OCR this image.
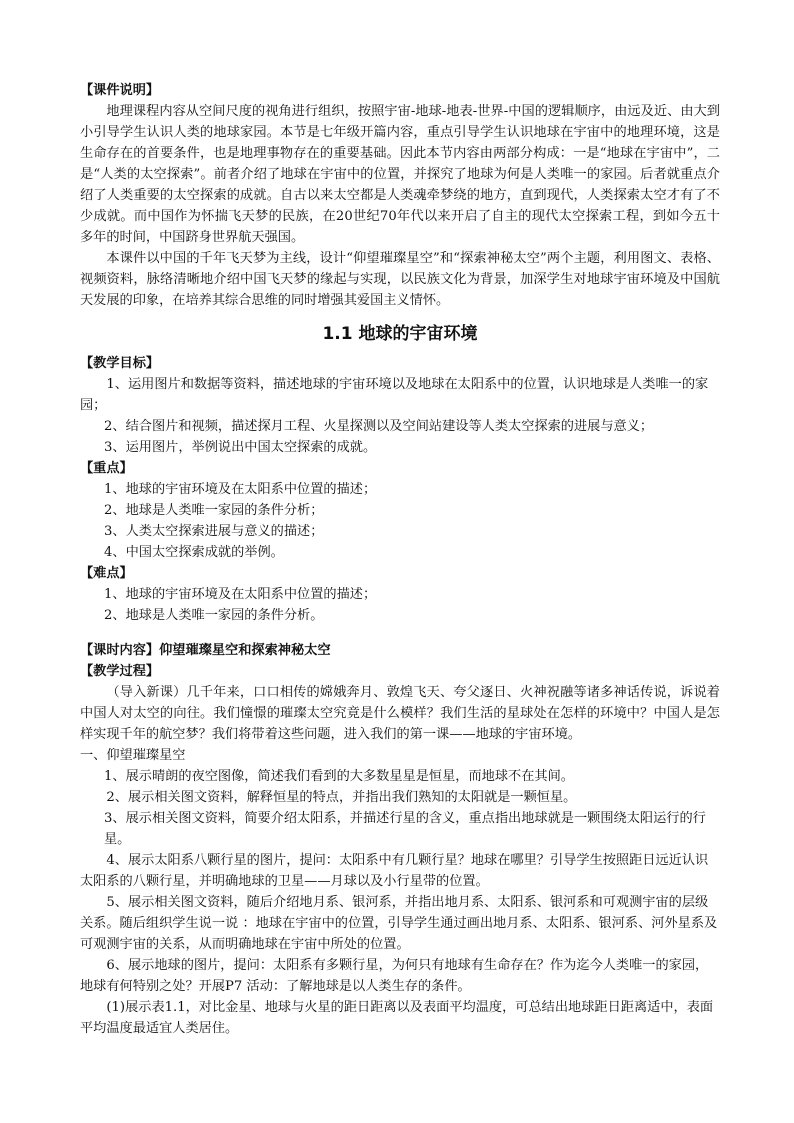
【课件说明】

地理课程内容从空间尺度的视角进行组织，按照宇宙-地球-地表-世界-中国的逻辑顺序，由远及近、由大到小引导学生认识人类的地球家园。本节是七年级开篇内容，重点引导学生认识地球在宇宙中的地理环境，这是生命存在的首要条件，也是地理事物存在的重要基础。因此本节内容由两部分构成：一是“地球在宇宙中”，二是“人类的太空探索”。前者介绍了地球在宇宙中的位置，并探究了地球为何是人类唯一的家园。后者就重点介绍了人类重要的太空探索的成就。自古以来太空都是人类魂牵梦绕的地方，直到现代，人类探索太空才有了不少成就。而中国作为怀揣飞天梦的民族，在20世纪70年代以来开启了自主的现代太空探索工程，到如今五十多年的时间，中国跻身世界航天强国。

本课件以中国的千年飞天梦为主线，设计“仰望璀璨星空”和“探索神秘太空”两个主题，利用图文、表格、视频资料，脉络清晰地介绍中国飞天梦的缘起与实现，以民族文化为背景，加深学生对地球宇宙环境及中国航天发展的印象，在培养其综合思维的同时增强其爱国主义情怀。

1.1 地球的宇宙环境

【教学目标】

1、运用图片和数据等资料，描述地球的宇宙环境以及地球在太阳系中的位置，认识地球是人类唯一的家园；

2、结合图片和视频，描述探月工程、火星探测以及空间站建设等人类太空探索的进展与意义；

3、运用图片，举例说出中国太空探索的成就。

【重点】

1、地球的宇宙环境及在太阳系中位置的描述；

2、地球是人类唯一家园的条件分析；

3、人类太空探索进展与意义的描述；

4、中国太空探索成就的举例。

【难点】

1、地球的宇宙环境及在太阳系中位置的描述；

2、地球是人类唯一家园的条件分析。

【课时内容】仰望璀璨星空和探索神秘太空

【教学过程】

（导入新课）几千年来，口口相传的嫦娥奔月、敦煌飞天、夸父逐日、火神祝融等诸多神话传说，诉说着中国人对太空的向往。我们憧憬的璀璨太空究竟是什么模样？我们生活的星球处在怎样的环境中？中国人是怎样实现千年的航空梦？我们将带着这些问题，进入我们的第一课——地球的宇宙环境。

一、仰望璀璨星空

1、展示晴朗的夜空图像，简述我们看到的大多数星星是恒星，而地球不在其间。

2、展示相关图文资料，解释恒星的特点，并指出我们熟知的太阳就是一颗恒星。

3、展示相关图文资料，简要介绍太阳系，并描述行星的含义，重点指出地球就是一颗围绕太阳运行的行星。

4、展示太阳系八颗行星的图片，提问：太阳系中有几颗行星？地球在哪里？引导学生按照距日远近认识太阳系的八颗行星，并明确地球的卫星——月球以及小行星带的位置。

5、展示相关图文资料，随后介绍地月系、银河系，并指出地月系、太阳系、银河系和可观测宇宙的层级关系。随后组织学生说一说 ：地球在宇宙中的位置，引导学生通过画出地月系、太阳系、银河系、河外星系及可观测宇宙的关系，从而明确地球在宇宙中所处的位置。

6、展示地球的图片，提问：太阳系有多颗行星，为何只有地球有生命存在？作为迄今人类唯一的家园，地球有何特别之处？开展P7 活动：了解地球是以人类生存的条件。

(1)展示表1.1，对比金星、地球与火星的距日距离以及表面平均温度，可总结出地球距日距离适中，表面平均温度最适宜人类居住。
